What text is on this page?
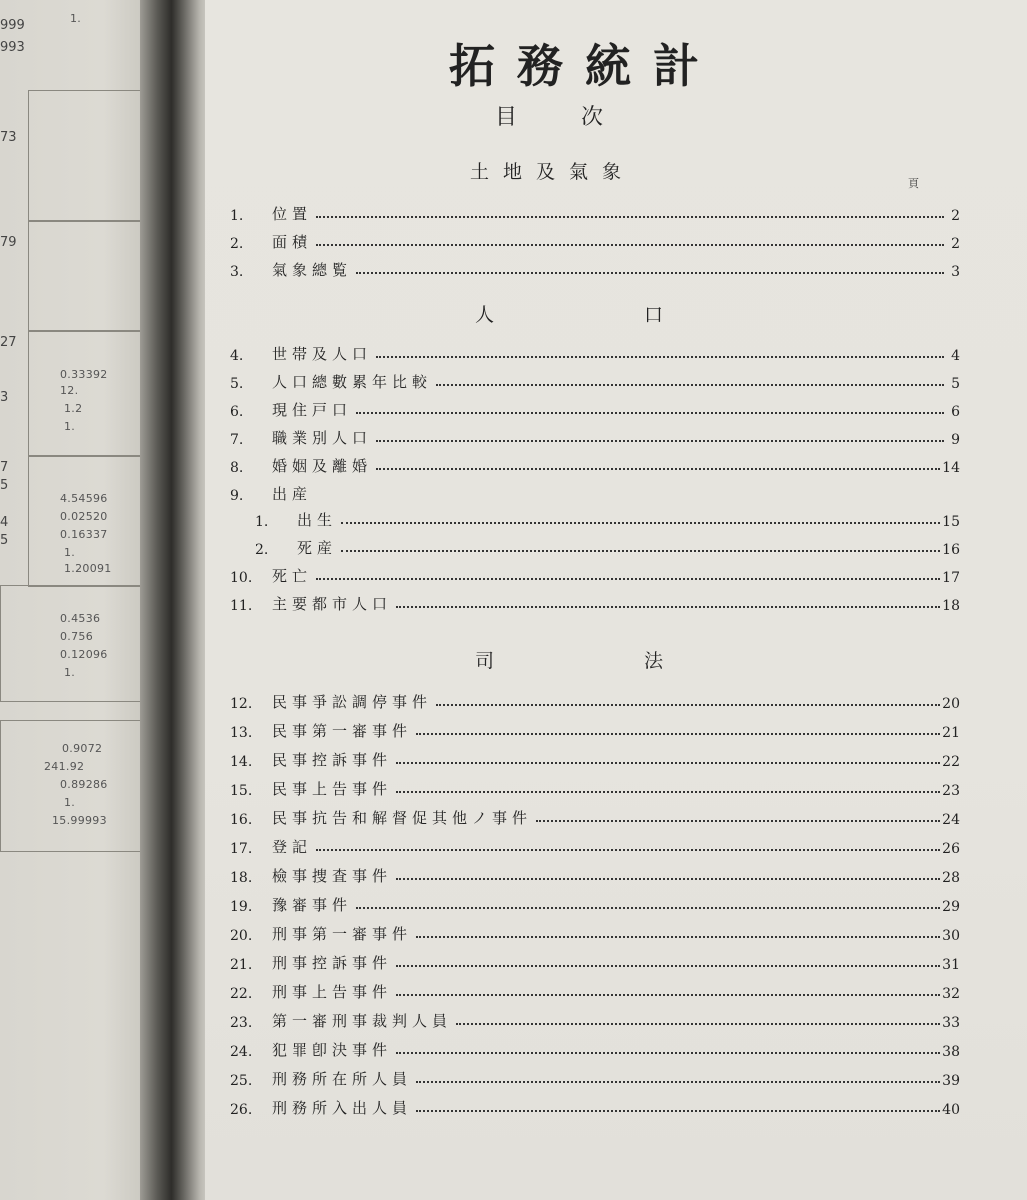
999
993
1.
73
79
27
0.33392
12.
1.2
1.
3
7
5
4.54596
0.02520
0.16337
4
5
1.
1.20091
0.4536
0.756
0.12096
1.
0.9072
241.92
0.89286
1.
15.99993
拓務統計
目次
土地及氣象
頁
1.	位置	2
2.	面積	2
3.	氣象總覧	3
人口
4.	世帯及人口	4
5.	人口總數累年比較	5
6.	現住戸口	6
7.	職業別人口	9
8.	婚姻及離婚	14
9.	出産
1.	出生	15
2.	死産	16
10.	死亡	17
11.	主要都市人口	18
司法
12.	民事爭訟調停事件	20
13.	民事第一審事件	21
14.	民事控訴事件	22
15.	民事上告事件	23
16.	民事抗告和解督促其他ノ事件	24
17.	登記	26
18.	檢事捜査事件	28
19.	豫審事件	29
20.	刑事第一審事件	30
21.	刑事控訴事件	31
22.	刑事上告事件	32
23.	第一審刑事裁判人員	33
24.	犯罪卽決事件	38
25.	刑務所在所人員	39
26.	刑務所入出人員	40
